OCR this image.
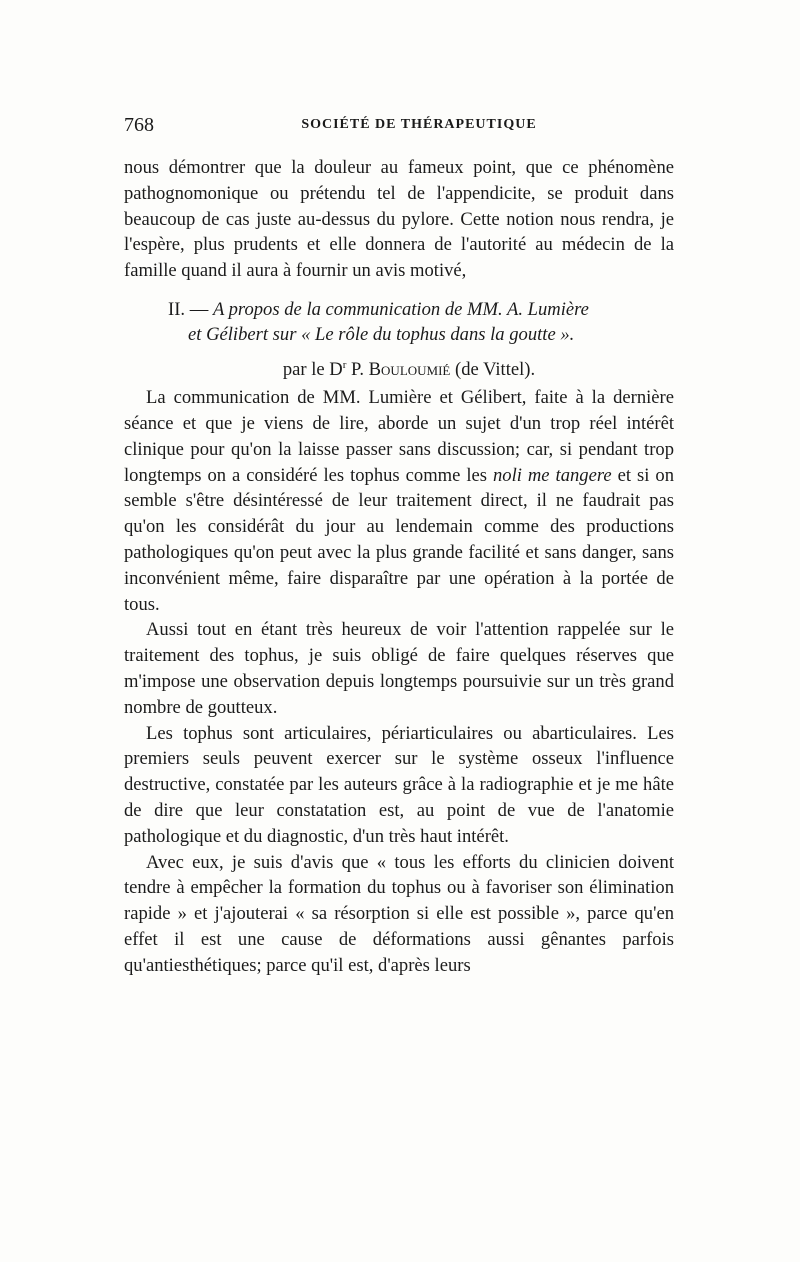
768	SOCIÉTÉ DE THÉRAPEUTIQUE

nous démontrer que la douleur au fameux point, que ce phénomène pathognomonique ou prétendu tel de l'appendicite, se produit dans beaucoup de cas juste au-dessus du pylore. Cette notion nous rendra, je l'espère, plus prudents et elle donnera de l'autorité au médecin de la famille quand il aura à fournir un avis motivé,

II. — A propos de la communication de MM. A. Lumière
et Gélibert sur « Le rôle du tophus dans la goutte ».
par le $D^r$ P. Bouloumié (de Vittel).

La communication de MM. Lumière et Gélibert, faite à la dernière séance et que je viens de lire, aborde un sujet d'un trop réel intérêt clinique pour qu'on la laisse passer sans discussion; car, si pendant trop longtemps on a considéré les tophus comme les noli me tangere et si on semble s'être désintéressé de leur traitement direct, il ne faudrait pas qu'on les considérât du jour au lendemain comme des productions pathologiques qu'on peut avec la plus grande facilité et sans danger, sans inconvénient même, faire disparaître par une opération à la portée de tous.

Aussi tout en étant très heureux de voir l'attention rappelée sur le traitement des tophus, je suis obligé de faire quelques réserves que m'impose une observation depuis longtemps poursuivie sur un très grand nombre de goutteux.

Les tophus sont articulaires, périarticulaires ou abarticulaires. Les premiers seuls peuvent exercer sur le système osseux l'influence destructive, constatée par les auteurs grâce à la radiographie et je me hâte de dire que leur constatation est, au point de vue de l'anatomie pathologique et du diagnostic, d'un très haut intérêt.

Avec eux, je suis d'avis que « tous les efforts du clinicien doivent tendre à empêcher la formation du tophus ou à favoriser son élimination rapide » et j'ajouterai « sa résorption si elle est possible », parce qu'en effet il est une cause de déformations aussi gênantes parfois qu'antiesthétiques; parce qu'il est, d'après leurs
